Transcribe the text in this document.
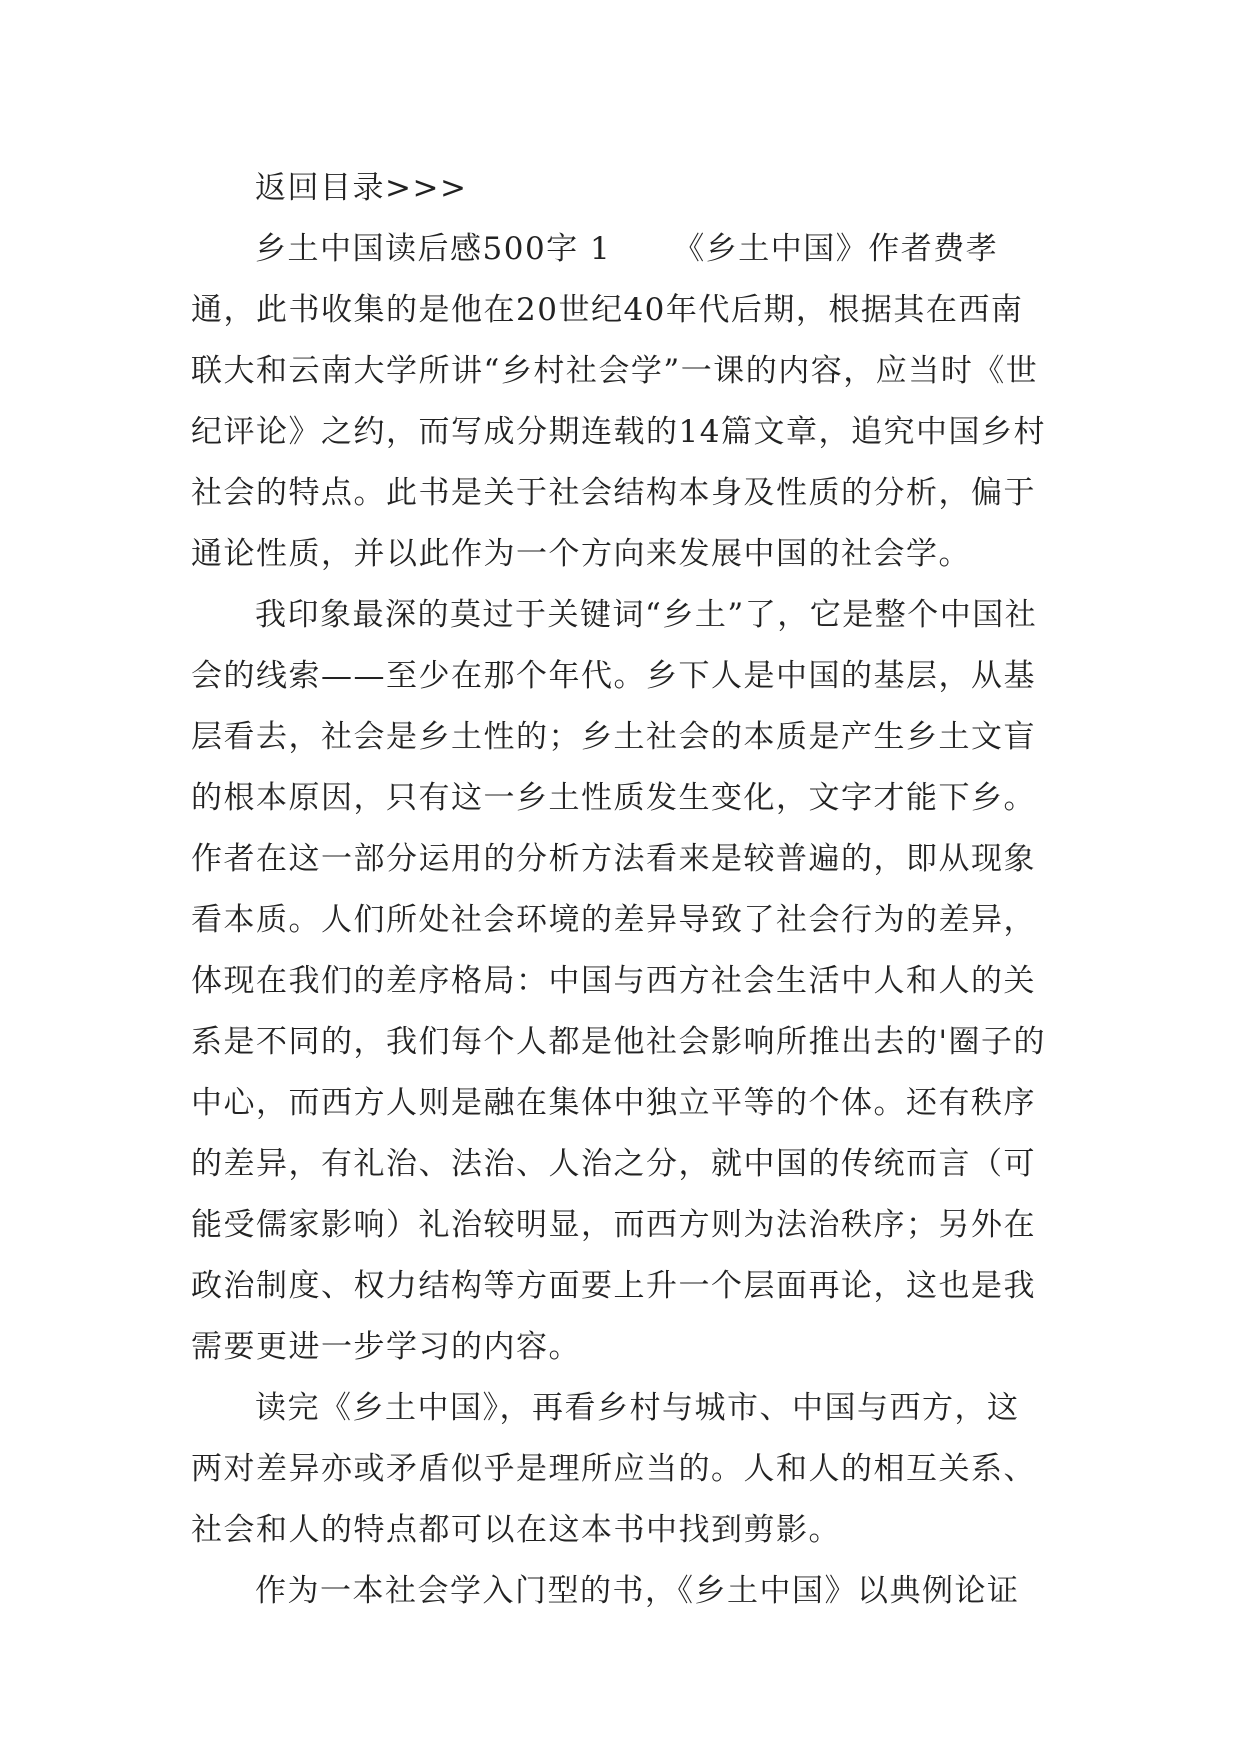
返回目录>>>

乡土中国读后感500字 1 《乡土中国》作者费孝通，此书收集的是他在20世纪40年代后期，根据其在西南联大和云南大学所讲“乡村社会学”一课的内容，应当时《世纪评论》之约，而写成分期连载的14篇文章，追究中国乡村社会的特点。此书是关于社会结构本身及性质的分析，偏于通论性质，并以此作为一个方向来发展中国的社会学。

我印象最深的莫过于关键词“乡土”了，它是整个中国社会的线索——至少在那个年代。乡下人是中国的基层，从基层看去，社会是乡土性的；乡土社会的本质是产生乡土文盲的根本原因，只有这一乡土性质发生变化，文字才能下乡。作者在这一部分运用的分析方法看来是较普遍的，即从现象看本质。人们所处社会环境的差异导致了社会行为的差异，体现在我们的差序格局：中国与西方社会生活中人和人的关系是不同的，我们每个人都是他社会影响所推出去的'圈子的中心，而西方人则是融在集体中独立平等的个体。还有秩序的差异，有礼治、法治、人治之分，就中国的传统而言（可能受儒家影响）礼治较明显，而西方则为法治秩序；另外在政治制度、权力结构等方面要上升一个层面再论，这也是我需要更进一步学习的内容。

读完《乡土中国》，再看乡村与城市、中国与西方，这两对差异亦或矛盾似乎是理所应当的。人和人的相互关系、社会和人的特点都可以在这本书中找到剪影。

作为一本社会学入门型的书，《乡土中国》以典例论证
